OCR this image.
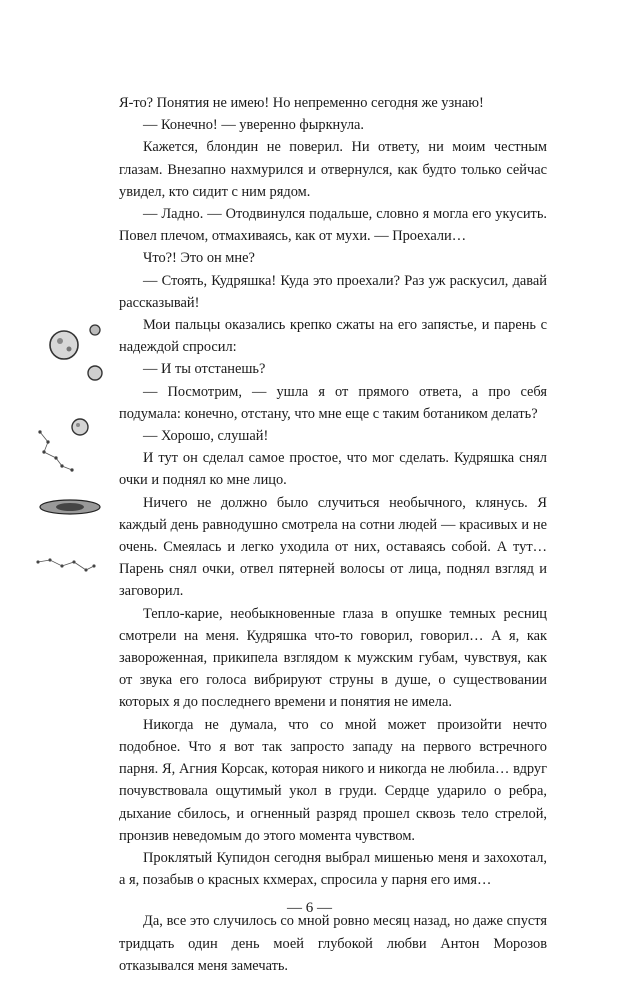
Я-то? Понятия не имею! Но непременно сегодня же узнаю!

— Конечно! — уверенно фыркнула.

Кажется, блондин не поверил. Ни ответу, ни моим честным глазам. Внезапно нахмурился и отвернулся, как будто только сейчас увидел, кто сидит с ним рядом.

— Ладно. — Отодвинулся подальше, словно я могла его укусить. Повел плечом, отмахиваясь, как от мухи. — Проехали…

Что?! Это он мне?

— Стоять, Кудряшка! Куда это проехали? Раз уж раскусил, давай рассказывай!

Мои пальцы оказались крепко сжаты на его запястье, и парень с надеждой спросил:

— И ты отстанешь?

— Посмотрим, — ушла я от прямого ответа, а про себя подумала: конечно, отстану, что мне еще с таким ботаником делать?

— Хорошо, слушай!

И тут он сделал самое простое, что мог сделать. Кудряшка снял очки и поднял ко мне лицо.

Ничего не должно было случиться необычного, клянусь. Я каждый день равнодушно смотрела на сотни людей — красивых и не очень. Смеялась и легко уходила от них, оставаясь собой. А тут… Парень снял очки, отвел пятерней волосы от лица, поднял взгляд и заговорил.

Тепло-карие, необыкновенные глаза в опушке темных ресниц смотрели на меня. Кудряшка что-то говорил, говорил… А я, как завороженная, прикипела взглядом к мужским губам, чувствуя, как от звука его голоса вибрируют струны в душе, о существовании которых я до последнего времени и понятия не имела.

Никогда не думала, что со мной может произойти нечто подобное. Что я вот так запросто западу на первого встречного парня. Я, Агния Корсак, которая никого и никогда не любила… вдруг почувствовала ощутимый укол в груди. Сердце ударило о ребра, дыхание сбилось, и огненный разряд прошел сквозь тело стрелой, пронзив неведомым до этого момента чувством.

Проклятый Купидон сегодня выбрал мишенью меня и захохотал, а я, позабыв о красных кхмерах, спросила у парня его имя…

Да, все это случилось со мной ровно месяц назад, но даже спустя тридцать один день моей глубокой любви Антон Морозов отказывался меня замечать.

— 6 —
